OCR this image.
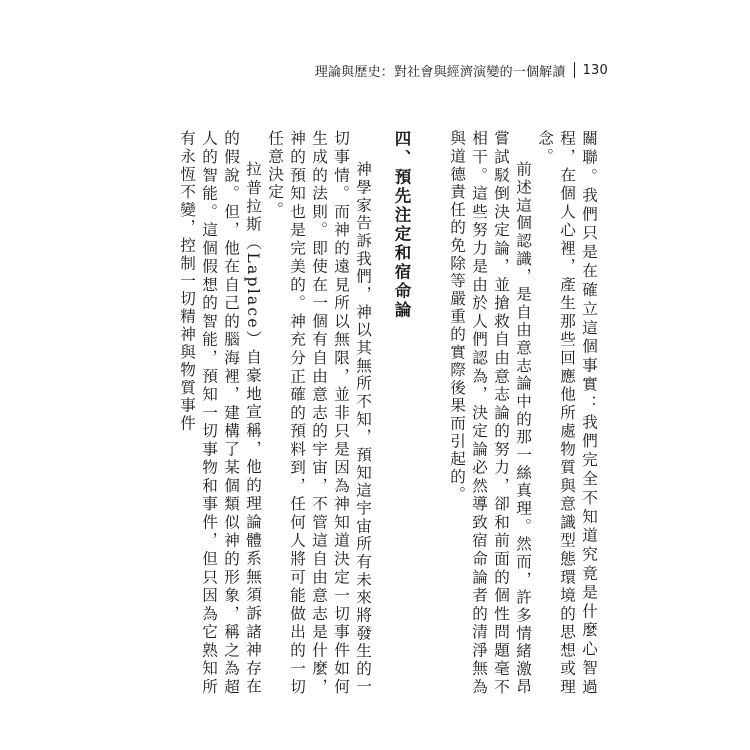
理論與歷史：對社會與經濟演變的一個解讀 130

關聯。我們只是在確立這個事實：我們完全不知道究竟是什麼心智過程，在個人心裡，產生那些回應他所處物質與意識型態環境的思想或理念。

前述這個認識，是自由意志論中的那一絲真理。然而，許多情緒激昂嘗試駁倒決定論，並搶救自由意志論的努力，卻和前面的個性問題毫不相干。這些努力是由於人們認為，決定論必然導致宿命論者的清淨無為與道德責任的免除等嚴重的實際後果而引起的。

四、預先注定和宿命論

神學家告訴我們，神以其無所不知，預知這宇宙所有未來將發生的一切事情。而神的遠見所以無限，並非只是因為神知道決定一切事件如何生成的法則。即使在一個有自由意志的宇宙，不管這自由意志是什麼，神的預知也是完美的。神充分正確的預料到，任何人將可能做出的一切任意決定。

拉普拉斯（Laplace）自豪地宣稱，他的理論體系無須訴諸神存在的假說。但，他在自己的腦海裡，建構了某個類似神的形象，稱之為超人的智能。這個假想的智能，預知一切事物和事件，但只因為它熟知所有永恆不變，控制一切精神與物質事件
